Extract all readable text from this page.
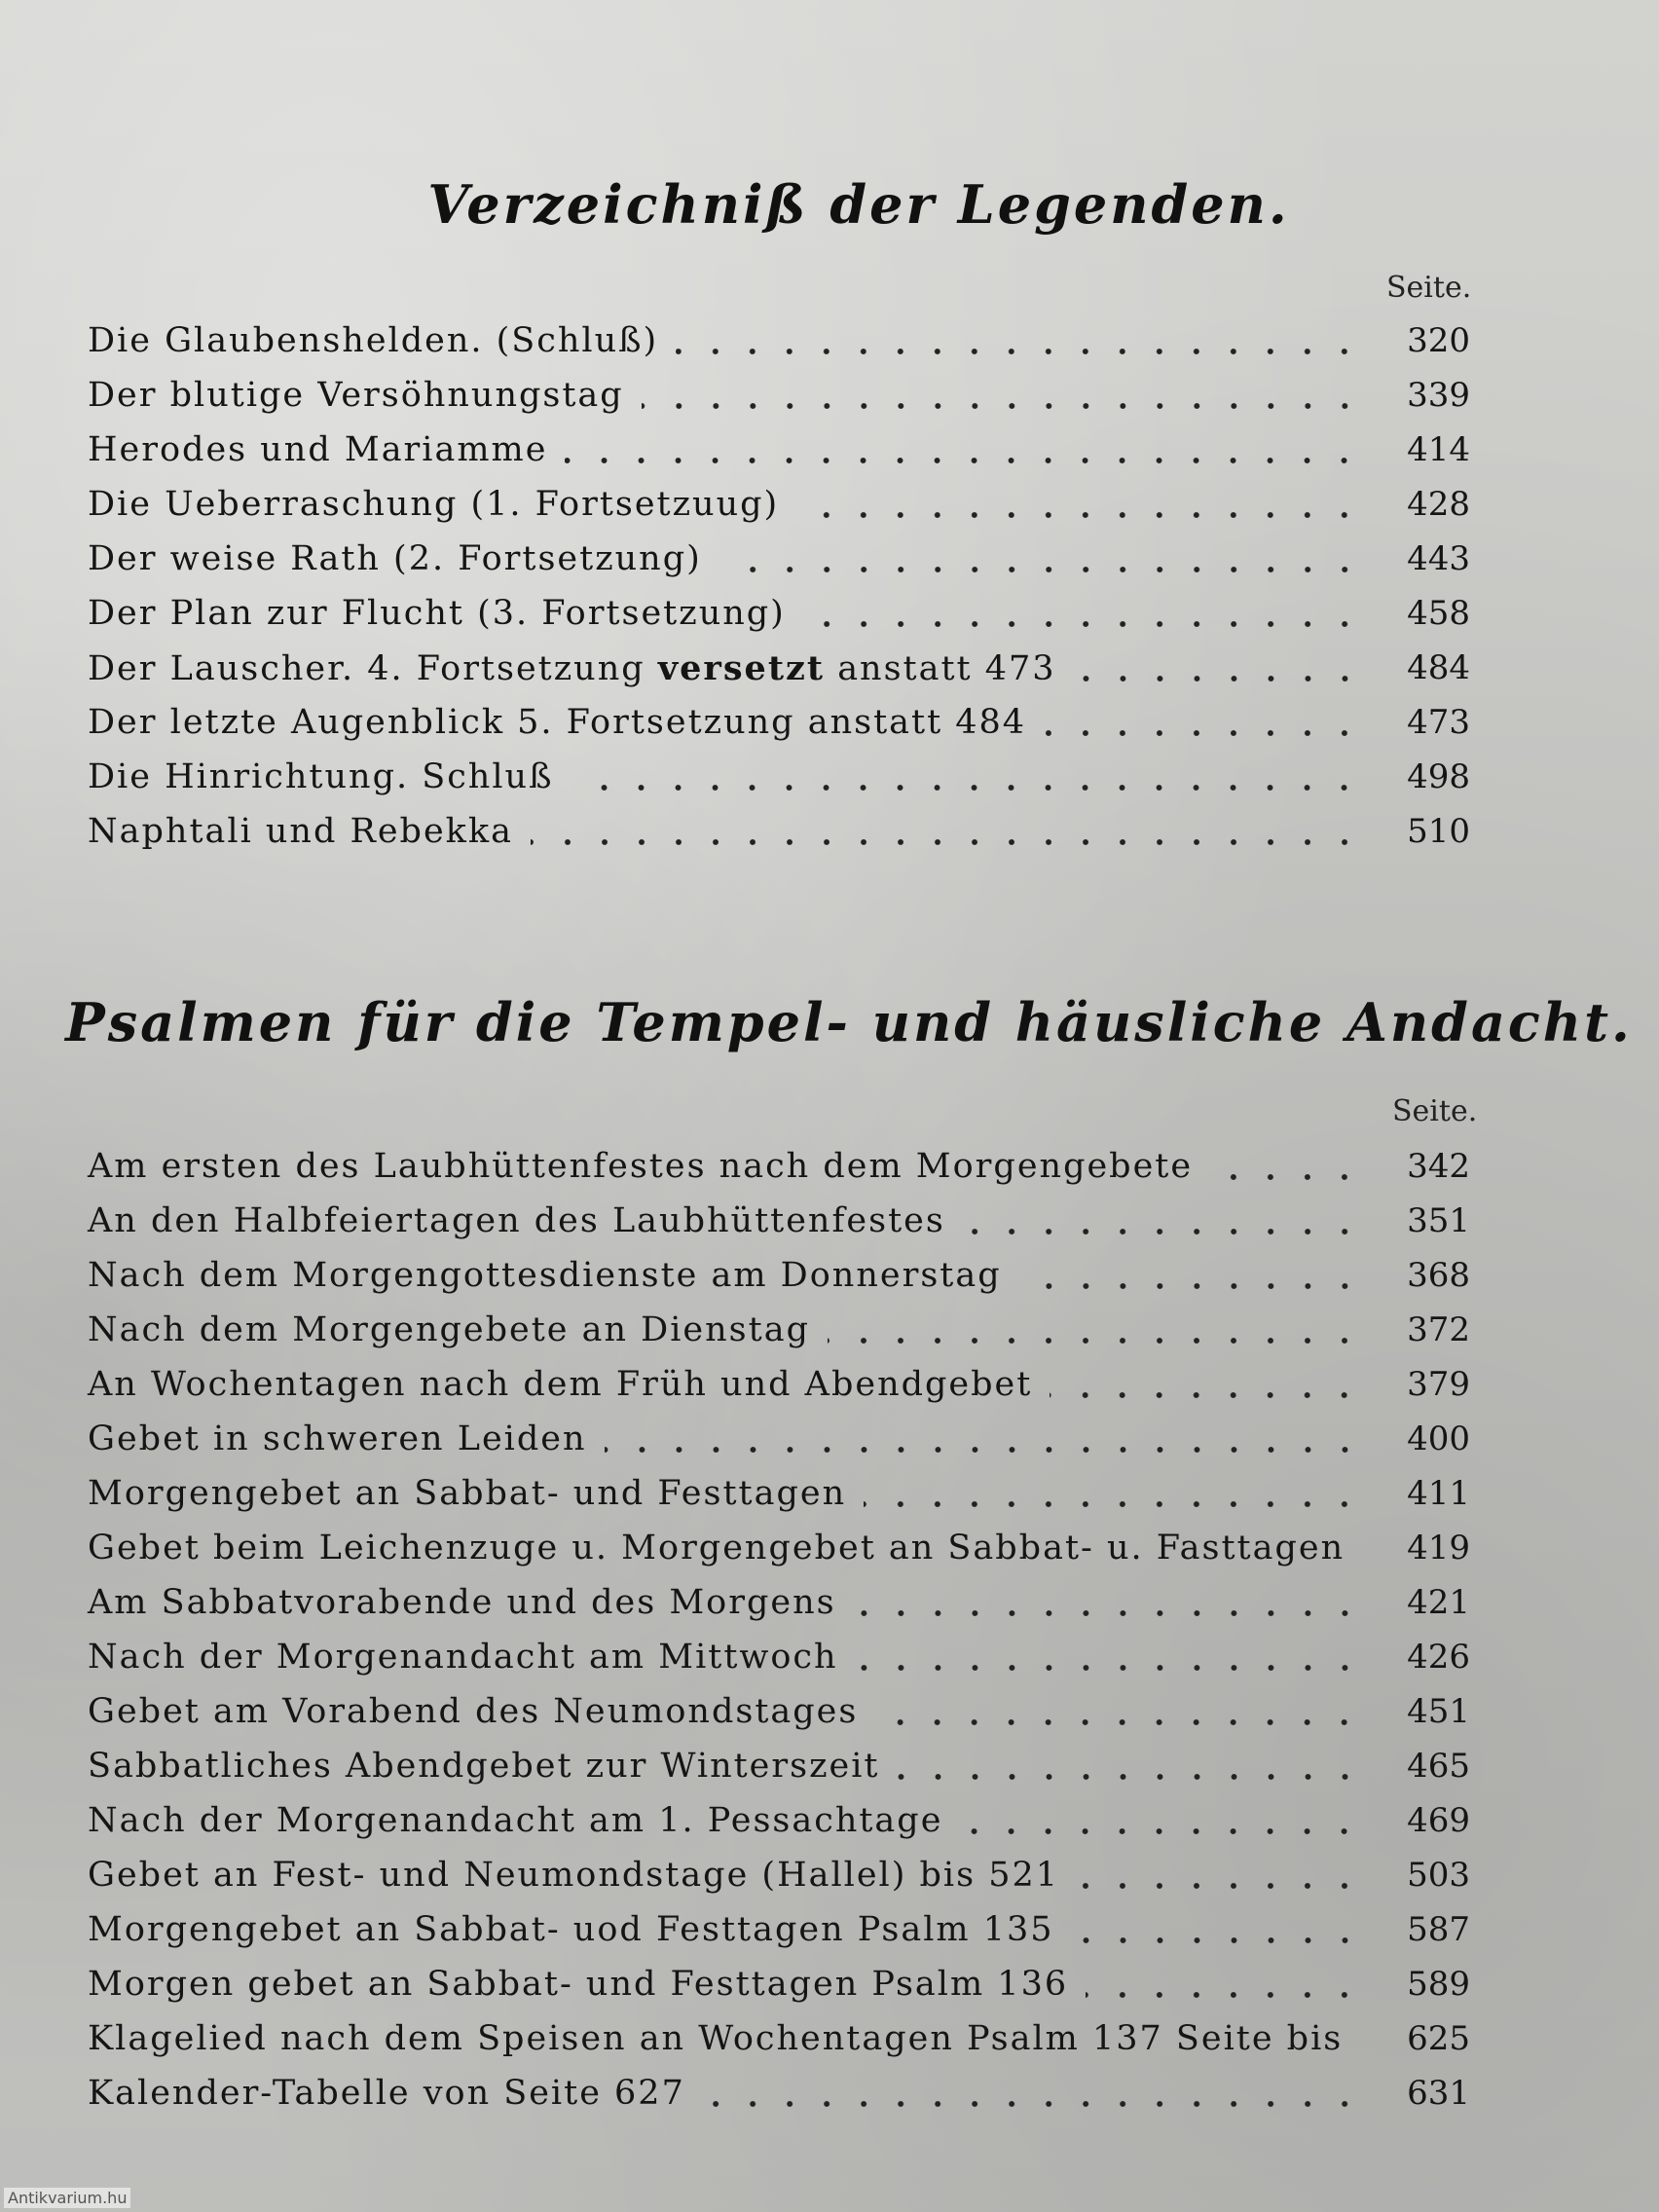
Verzeichniß der Legenden.
Seite.
Die Glaubenshelden. (Schluß)	320
Der blutige Versöhnungstag	339
Herodes und Mariamme	414
Die Ueberraschung (1. Fortsetzuug)	428
Der weise Rath (2. Fortsetzung)	443
Der Plan zur Flucht (3. Fortsetzung)	458
Der Lauscher. 4. Fortsetzung versetzt anstatt 473	484
Der letzte Augenblick 5. Fortsetzung anstatt 484	473
Die Hinrichtung. Schluß	498
Naphtali und Rebekka	510
Psalmen für die Tempel- und häusliche Andacht.
Seite.
Am ersten des Laubhüttenfestes nach dem Morgengebete	342
An den Halbfeiertagen des Laubhüttenfestes	351
Nach dem Morgengottesdienste am Donnerstag	368
Nach dem Morgengebete an Dienstag	372
An Wochentagen nach dem Früh und Abendgebet	379
Gebet in schweren Leiden	400
Morgengebet an Sabbat- und Festtagen	411
Gebet beim Leichenzuge u. Morgengebet an Sabbat- u. Fasttagen	419
Am Sabbatvorabende und des Morgens	421
Nach der Morgenandacht am Mittwoch	426
Gebet am Vorabend des Neumondstages	451
Sabbatliches Abendgebet zur Winterszeit	465
Nach der Morgenandacht am 1. Pessachtage	469
Gebet an Fest- und Neumondstage (Hallel) bis 521	503
Morgengebet an Sabbat- uod Festtagen Psalm 135	587
Morgen gebet an Sabbat- und Festtagen Psalm 136	589
Klagelied nach dem Speisen an Wochentagen Psalm 137 Seite bis	625
Kalender-Tabelle von Seite 627	631
Antikvarium.hu
